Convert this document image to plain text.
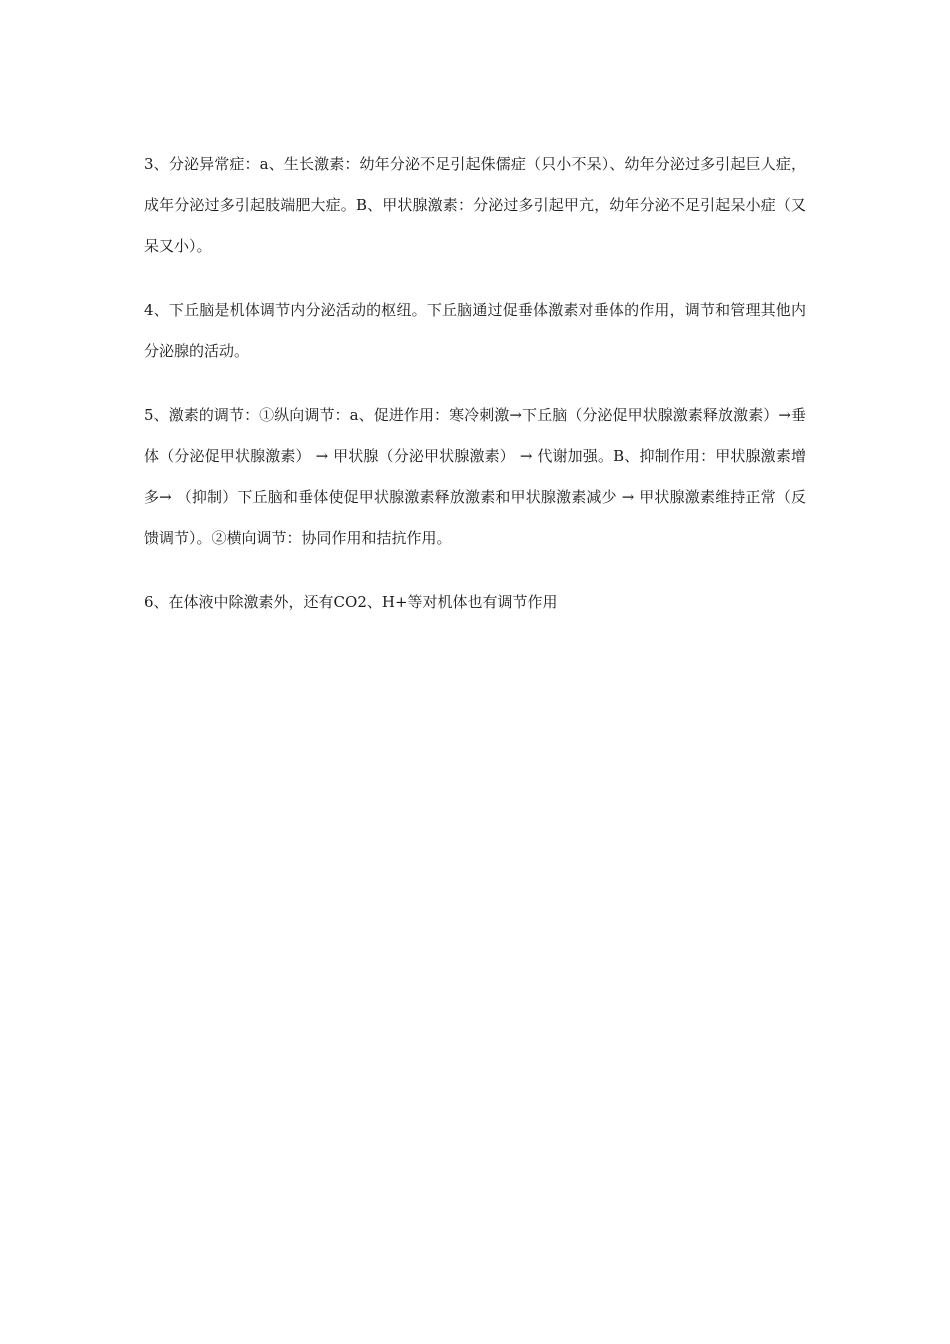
3、分泌异常症：a、生长激素：幼年分泌不足引起侏儒症（只小不呆）、幼年分泌过多引起巨人症，成年分泌过多引起肢端肥大症。B、甲状腺激素：分泌过多引起甲亢，幼年分泌不足引起呆小症（又呆又小）。

4、下丘脑是机体调节内分泌活动的枢纽。下丘脑通过促垂体激素对垂体的作用，调节和管理其他内分泌腺的活动。

5、激素的调节：①纵向调节：a、促进作用：寒冷刺激→下丘脑（分泌促甲状腺激素释放激素）→垂体（分泌促甲状腺激素） → 甲状腺（分泌甲状腺激素） → 代谢加强。B、抑制作用：甲状腺激素增多→ （抑制）下丘脑和垂体使促甲状腺激素释放激素和甲状腺激素减少 → 甲状腺激素维持正常（反馈调节）。②横向调节：协同作用和拮抗作用。

6、在体液中除激素外，还有CO2、H+等对机体也有调节作用
